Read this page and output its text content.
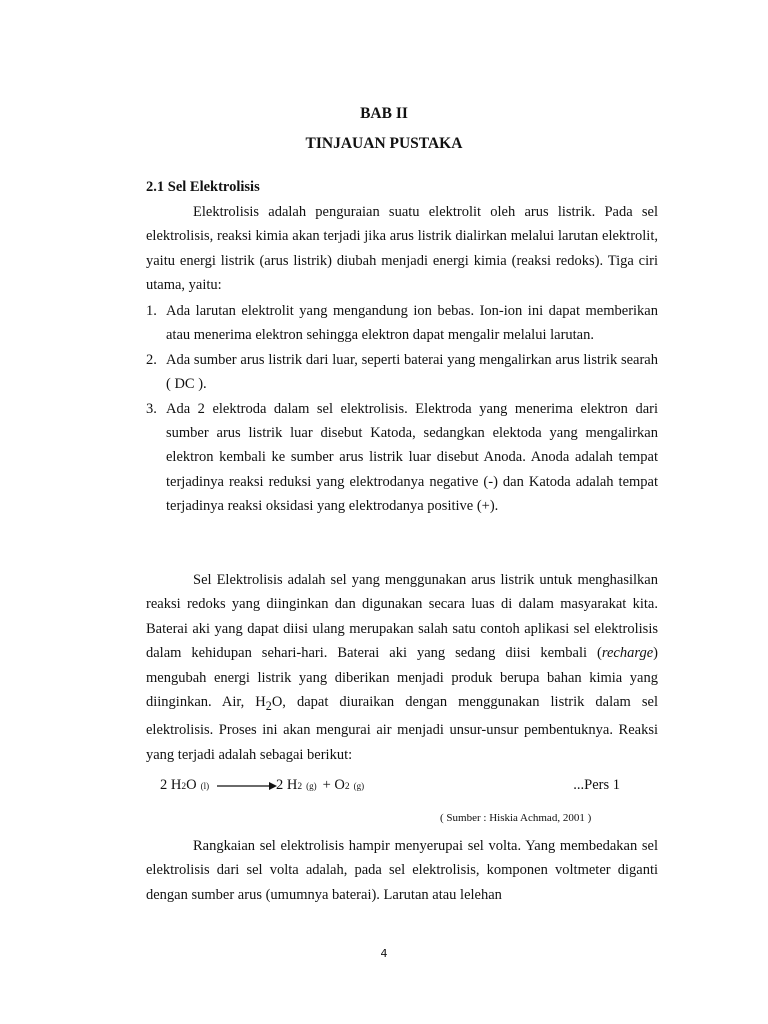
BAB II

TINJAUAN PUSTAKA

2.1 Sel Elektrolisis

Elektrolisis adalah penguraian suatu elektrolit oleh arus listrik. Pada sel elektrolisis, reaksi kimia akan terjadi jika arus listrik dialirkan melalui larutan elektrolit, yaitu energi listrik (arus listrik) diubah menjadi energi kimia (reaksi redoks). Tiga ciri utama, yaitu:

1. Ada larutan elektrolit yang mengandung ion bebas. Ion-ion ini dapat memberikan atau menerima elektron sehingga elektron dapat mengalir melalui larutan.
2. Ada sumber arus listrik dari luar, seperti baterai yang mengalirkan arus listrik searah ( DC ).
3. Ada 2 elektroda dalam sel elektrolisis. Elektroda yang menerima elektron dari sumber arus listrik luar disebut Katoda, sedangkan elektoda yang mengalirkan elektron kembali ke sumber arus listrik luar disebut Anoda. Anoda adalah tempat terjadinya reaksi reduksi yang elektrodanya negative (-) dan Katoda adalah tempat terjadinya reaksi oksidasi yang elektrodanya positive (+).

Sel Elektrolisis adalah sel yang menggunakan arus listrik untuk menghasilkan reaksi redoks yang diinginkan dan digunakan secara luas di dalam masyarakat kita. Baterai aki yang dapat diisi ulang merupakan salah satu contoh aplikasi sel elektrolisis dalam kehidupan sehari-hari. Baterai aki yang sedang diisi kembali (recharge) mengubah energi listrik yang diberikan menjadi produk berupa bahan kimia yang diinginkan. Air, $H_2O$, dapat diuraikan dengan menggunakan listrik dalam sel elektrolisis. Proses ini akan mengurai air menjadi unsur-unsur pembentuknya. Reaksi yang terjadi adalah sebagai berikut:

2 H2O (l)	2 H2 (g) + O2 (g)	...Pers 1

( Sumber : Hiskia Achmad, 2001 )

Rangkaian sel elektrolisis hampir menyerupai sel volta. Yang membedakan sel elektrolisis dari sel volta adalah, pada sel elektrolisis, komponen voltmeter diganti dengan sumber arus (umumnya baterai). Larutan atau lelehan

4
